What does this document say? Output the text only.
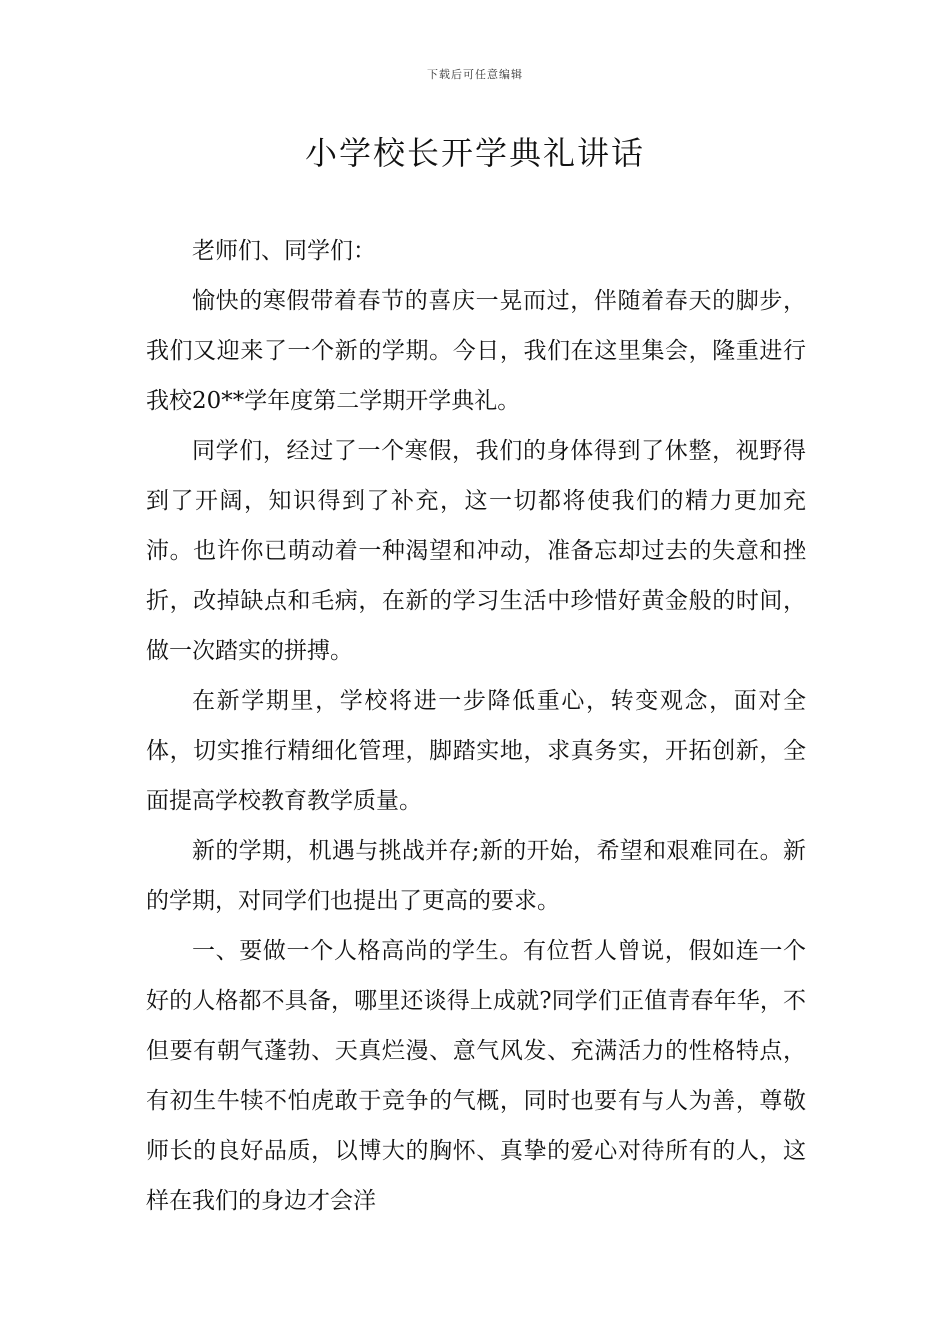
下载后可任意编辑
小学校长开学典礼讲话
老师们、同学们：

愉快的寒假带着春节的喜庆一晃而过，伴随着春天的脚步，我们又迎来了一个新的学期。今日，我们在这里集会，隆重进行我校20**学年度第二学期开学典礼。

同学们，经过了一个寒假，我们的身体得到了休整，视野得到了开阔，知识得到了补充，这一切都将使我们的精力更加充沛。也许你已萌动着一种渴望和冲动，准备忘却过去的失意和挫折，改掉缺点和毛病，在新的学习生活中珍惜好黄金般的时间，做一次踏实的拼搏。

在新学期里，学校将进一步降低重心，转变观念，面对全体，切实推行精细化管理，脚踏实地，求真务实，开拓创新，全面提高学校教育教学质量。

新的学期，机遇与挑战并存;新的开始，希望和艰难同在。新的学期，对同学们也提出了更高的要求。

一、要做一个人格高尚的学生。有位哲人曾说，假如连一个好的人格都不具备，哪里还谈得上成就?同学们正值青春年华，不但要有朝气蓬勃、天真烂漫、意气风发、充满活力的性格特点，有初生牛犊不怕虎敢于竞争的气概，同时也要有与人为善，尊敬师长的良好品质，以博大的胸怀、真挚的爱心对待所有的人，这样在我们的身边才会洋
